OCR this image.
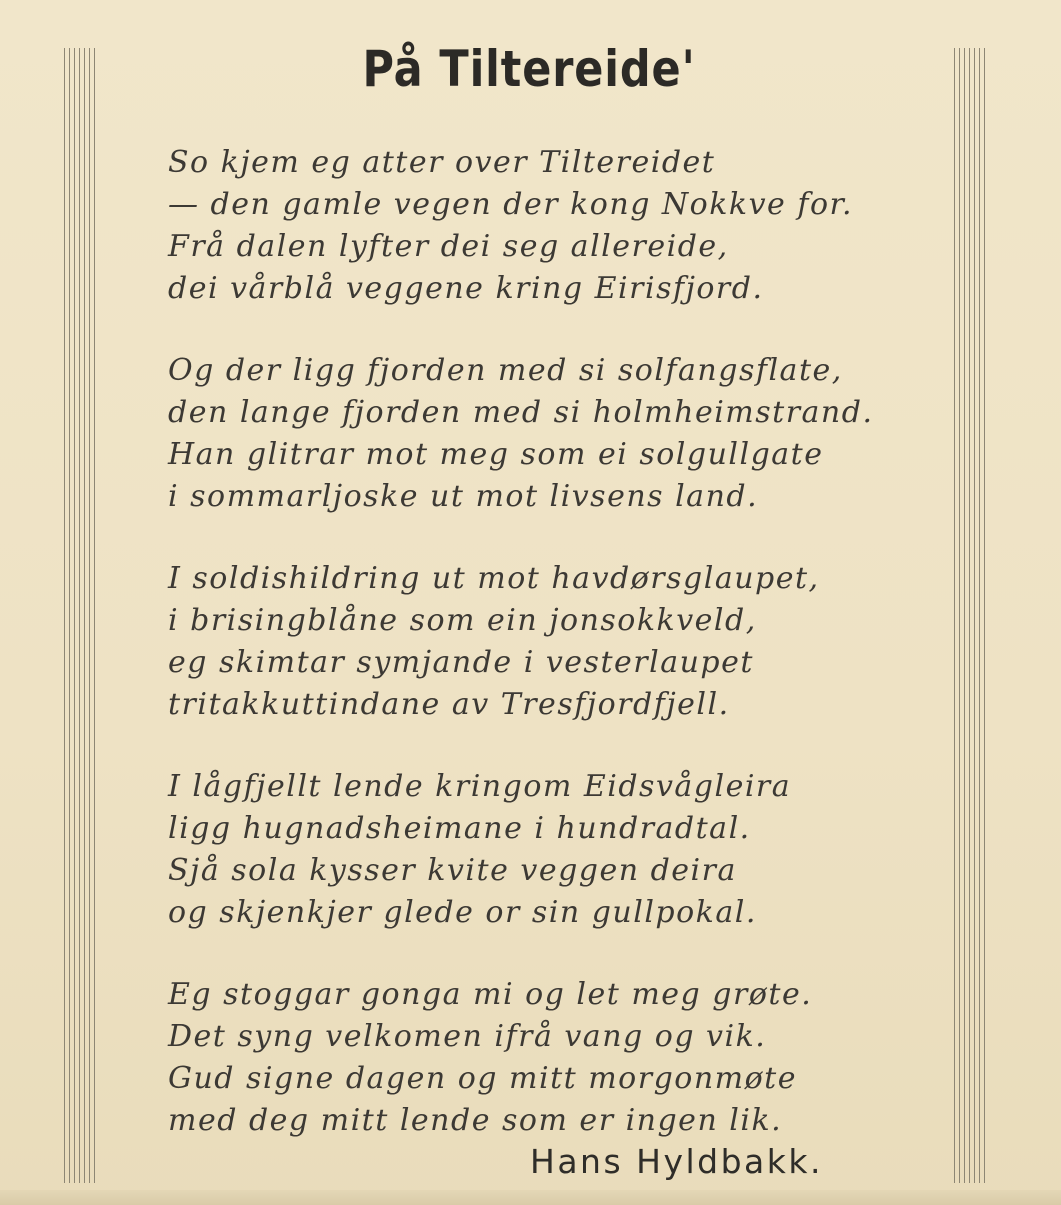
På Tiltereide'
So kjem eg atter over Tiltereidet
— den gamle vegen der kong Nokkve for.
Frå dalen lyfter dei seg allereide,
dei vårblå veggene kring Eirisfjord.
Og der ligg fjorden med si solfangsflate,
den lange fjorden med si holmheimstrand.
Han glitrar mot meg som ei solgullgate
i sommarljoske ut mot livsens land.
I soldishildring ut mot havdørsglaupet,
i brisingblåne som ein jonsokkveld,
eg skimtar symjande i vesterlaupet
tritakkuttindane av Tresfjordfjell.
I lågfjellt lende kringom Eidsvågleira
ligg hugnadsheimane i hundradtal.
Sjå sola kysser kvite veggen deira
og skjenkjer glede or sin gullpokal.
Eg stoggar gonga mi og let meg grøte.
Det syng velkomen ifrå vang og vik.
Gud signe dagen og mitt morgonmøte
med deg mitt lende som er ingen lik.
Hans Hyldbakk.
